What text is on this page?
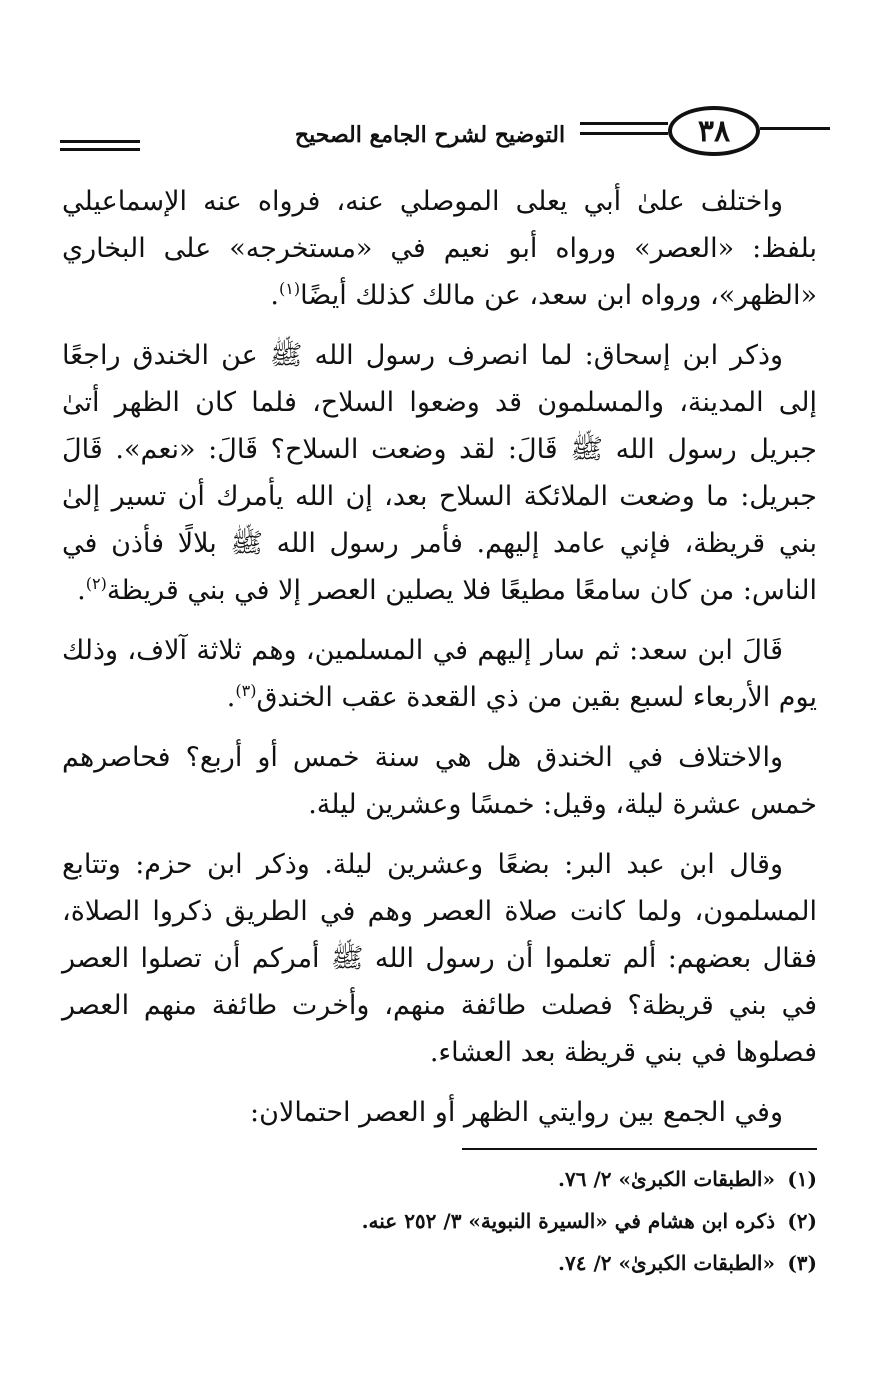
٣٨
التوضيح لشرح الجامع الصحيح

واختلف علىٰ أبي يعلى الموصلي عنه، فرواه عنه الإسماعيلي بلفظ: «العصر» ورواه أبو نعيم في «مستخرجه» على البخاري «الظهر»، ورواه ابن سعد، عن مالك كذلك أيضًا$^{(١)}$.

وذكر ابن إسحاق: لما انصرف رسول الله ﷺ عن الخندق راجعًا إلى المدينة، والمسلمون قد وضعوا السلاح، فلما كان الظهر أتىٰ جبريل رسول الله ﷺ قَالَ: لقد وضعت السلاح؟ قَالَ: «نعم». قَالَ جبريل: ما وضعت الملائكة السلاح بعد، إن الله يأمرك أن تسير إلىٰ بني قريظة، فإني عامد إليهم. فأمر رسول الله ﷺ بلالًا فأذن في الناس: من كان سامعًا مطيعًا فلا يصلين العصر إلا في بني قريظة$^{(٢)}$.

قَالَ ابن سعد: ثم سار إليهم في المسلمين، وهم ثلاثة آلاف، وذلك يوم الأربعاء لسبع بقين من ذي القعدة عقب الخندق$^{(٣)}$.

والاختلاف في الخندق هل هي سنة خمس أو أربع؟ فحاصرهم خمس عشرة ليلة، وقيل: خمسًا وعشرين ليلة.

وقال ابن عبد البر: بضعًا وعشرين ليلة. وذكر ابن حزم: وتتابع المسلمون، ولما كانت صلاة العصر وهم في الطريق ذكروا الصلاة، فقال بعضهم: ألم تعلموا أن رسول الله ﷺ أمركم أن تصلوا العصر في بني قريظة؟ فصلت طائفة منهم، وأخرت طائفة منهم العصر فصلوها في بني قريظة بعد العشاء.

وفي الجمع بين روايتي الظهر أو العصر احتمالان:

(١)«الطبقات الكبرىٰ» ٢/ ٧٦.
(٢)ذكره ابن هشام في «السيرة النبوية» ٣/ ٢٥٢ عنه.
(٣)«الطبقات الكبرىٰ» ٢/ ٧٤.
